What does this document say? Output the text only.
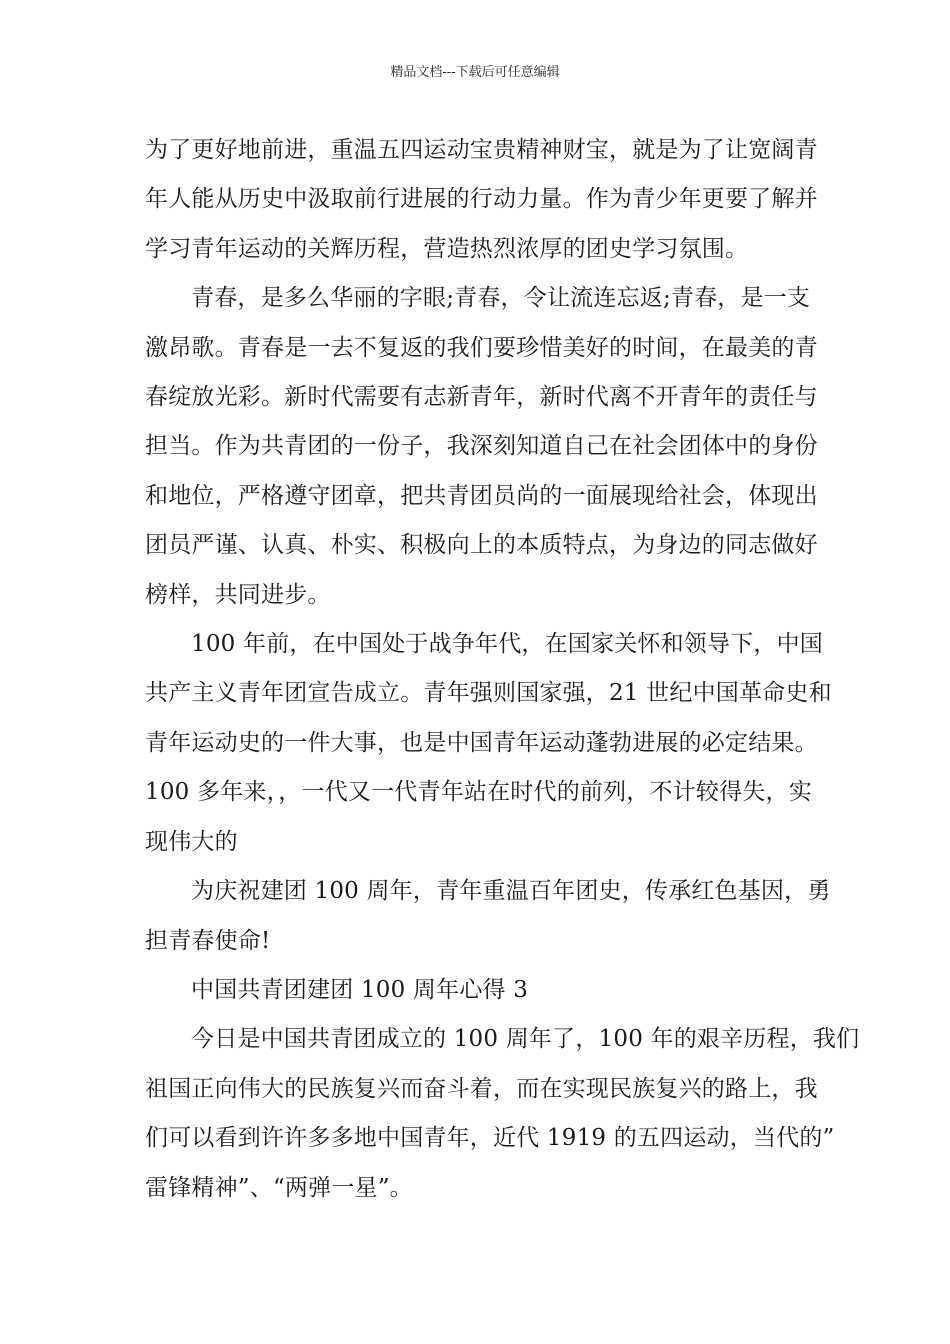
精品文档---下载后可任意编辑
为了更好地前进，重温五四运动宝贵精神财宝，就是为了让宽阔青
年人能从历史中汲取前行进展的行动力量。作为青少年更要了解并
学习青年运动的关辉历程，营造热烈浓厚的团史学习氛围。
青春，是多么华丽的字眼;青春，令让流连忘返;青春，是一支
激昂歌。青春是一去不复返的我们要珍惜美好的时间，在最美的青
春绽放光彩。新时代需要有志新青年，新时代离不开青年的责任与
担当。作为共青团的一份子，我深刻知道自己在社会团体中的身份
和地位，严格遵守团章，把共青团员尚的一面展现给社会，体现出
团员严谨、认真、朴实、积极向上的本质特点，为身边的同志做好
榜样，共同进步。
100 年前，在中国处于战争年代，在国家关怀和领导下，中国
共产主义青年团宣告成立。青年强则国家强，21 世纪中国革命史和
青年运动史的一件大事，也是中国青年运动蓬勃进展的必定结果。
100 多年来，，一代又一代青年站在时代的前列，不计较得失，实
现伟大的
为庆祝建团 100 周年，青年重温百年团史，传承红色基因，勇
担青春使命!
中国共青团建团 100 周年心得 3
今日是中国共青团成立的 100 周年了，100 年的艰辛历程，我们
祖国正向伟大的民族复兴而奋斗着，而在实现民族复兴的路上，我
们可以看到许许多多地中国青年，近代 1919 的五四运动，当代的”
雷锋精神”、“两弹一星”。
